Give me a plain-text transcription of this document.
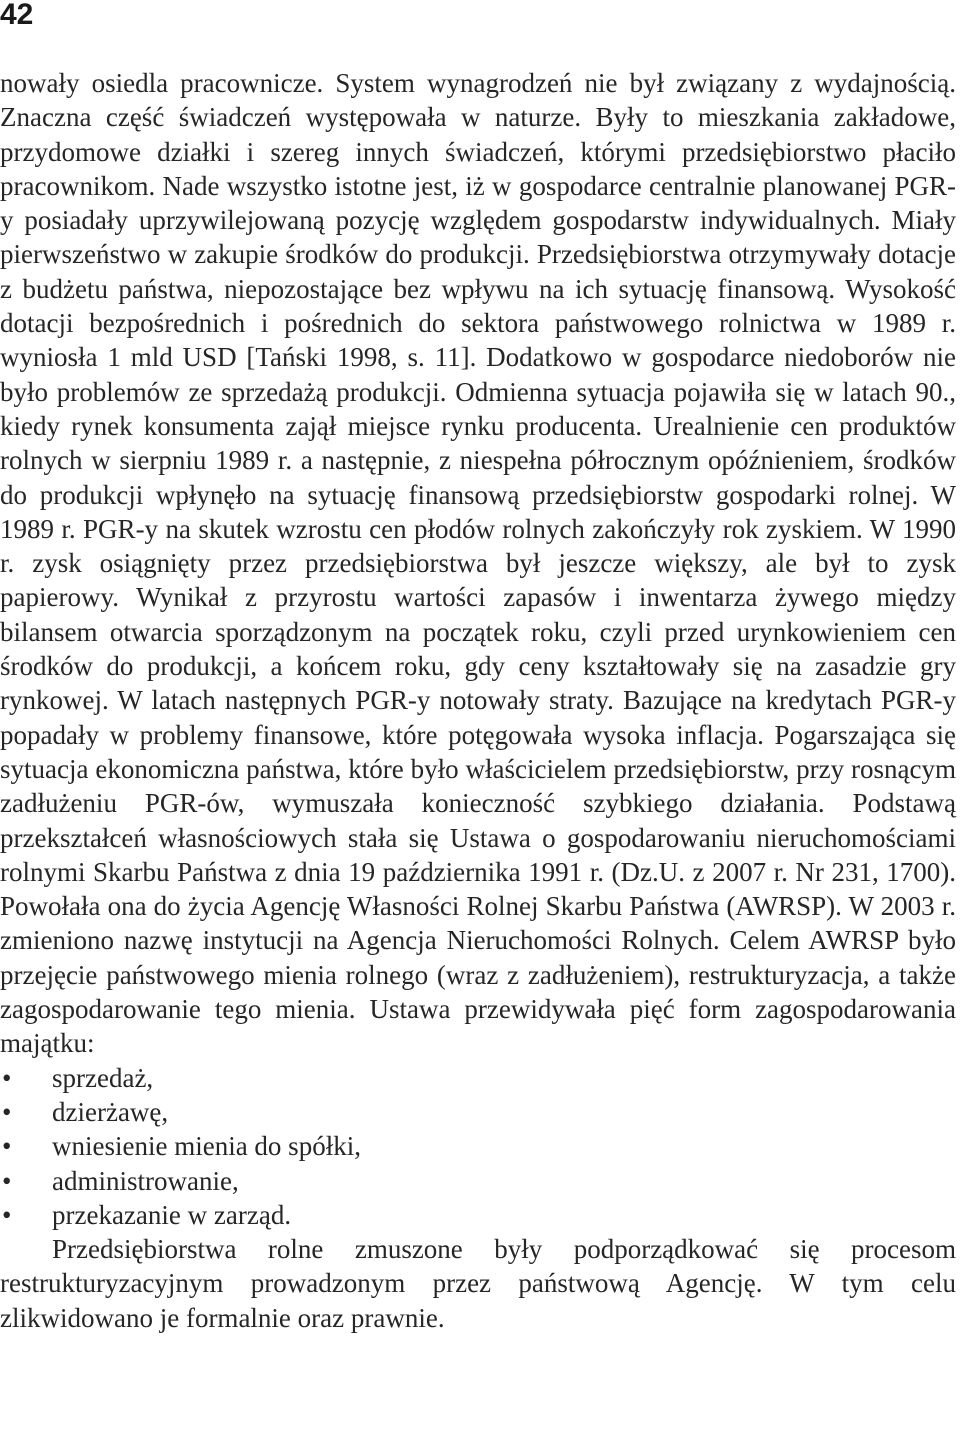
42

nowały osiedla pracownicze. System wynagrodzeń nie był związany z wydajnością. Znaczna część świadczeń występowała w naturze. Były to mieszkania zakładowe, przydomowe działki i szereg innych świadczeń, którymi przedsiębiorstwo płaciło pracownikom. Nade wszystko istotne jest, iż w gospodarce centralnie planowanej PGR-y posiadały uprzywilejowaną pozycję względem gospodarstw indywidualnych. Miały pierwszeństwo w zakupie środków do produkcji. Przedsiębiorstwa otrzymywały dotacje z budżetu państwa, niepozostające bez wpływu na ich sytuację finansową. Wysokość dotacji bezpośrednich i pośrednich do sektora państwowego rolnictwa w 1989 r. wyniosła 1 mld USD [Tański 1998, s. 11]. Dodatkowo w gospodarce niedoborów nie było problemów ze sprzedażą produkcji. Odmienna sytuacja pojawiła się w latach 90., kiedy rynek konsumenta zajął miejsce rynku producenta. Urealnienie cen produktów rolnych w sierpniu 1989 r. a następnie, z niespełna półrocznym opóźnieniem, środków do produkcji wpłynęło na sytuację finansową przedsiębiorstw gospodarki rolnej. W 1989 r. PGR-y na skutek wzrostu cen płodów rolnych zakończyły rok zyskiem. W 1990 r. zysk osiągnięty przez przedsiębiorstwa był jeszcze większy, ale był to zysk papierowy. Wynikał z przyrostu wartości zapasów i inwentarza żywego między bilansem otwarcia sporządzonym na początek roku, czyli przed urynkowieniem cen środków do produkcji, a końcem roku, gdy ceny kształtowały się na zasadzie gry rynkowej. W latach następnych PGR-y notowały straty. Bazujące na kredytach PGR-y popadały w problemy finansowe, które potęgowała wysoka inflacja. Pogarszająca się sytuacja ekonomiczna państwa, które było właścicielem przedsiębiorstw, przy rosnącym zadłużeniu PGR-ów, wymuszała konieczność szybkiego działania. Podstawą przekształceń własnościowych stała się Ustawa o gospodarowaniu nieruchomościami rolnymi Skarbu Państwa z dnia 19 października 1991 r. (Dz.U. z 2007 r. Nr 231, 1700). Powołała ona do życia Agencję Własności Rolnej Skarbu Państwa (AWRSP). W 2003 r. zmieniono nazwę instytucji na Agencja Nieruchomości Rolnych. Celem AWRSP było przejęcie państwowego mienia rolnego (wraz z zadłużeniem), restrukturyzacja, a także zagospodarowanie tego mienia. Ustawa przewidywała pięć form zagospodarowania majątku:

• sprzedaż,
• dzierżawę,
• wniesienie mienia do spółki,
• administrowanie,
• przekazanie w zarząd.

Przedsiębiorstwa rolne zmuszone były podporządkować się procesom restrukturyzacyjnym prowadzonym przez państwową Agencję. W tym celu zlikwidowano je formalnie oraz prawnie.
